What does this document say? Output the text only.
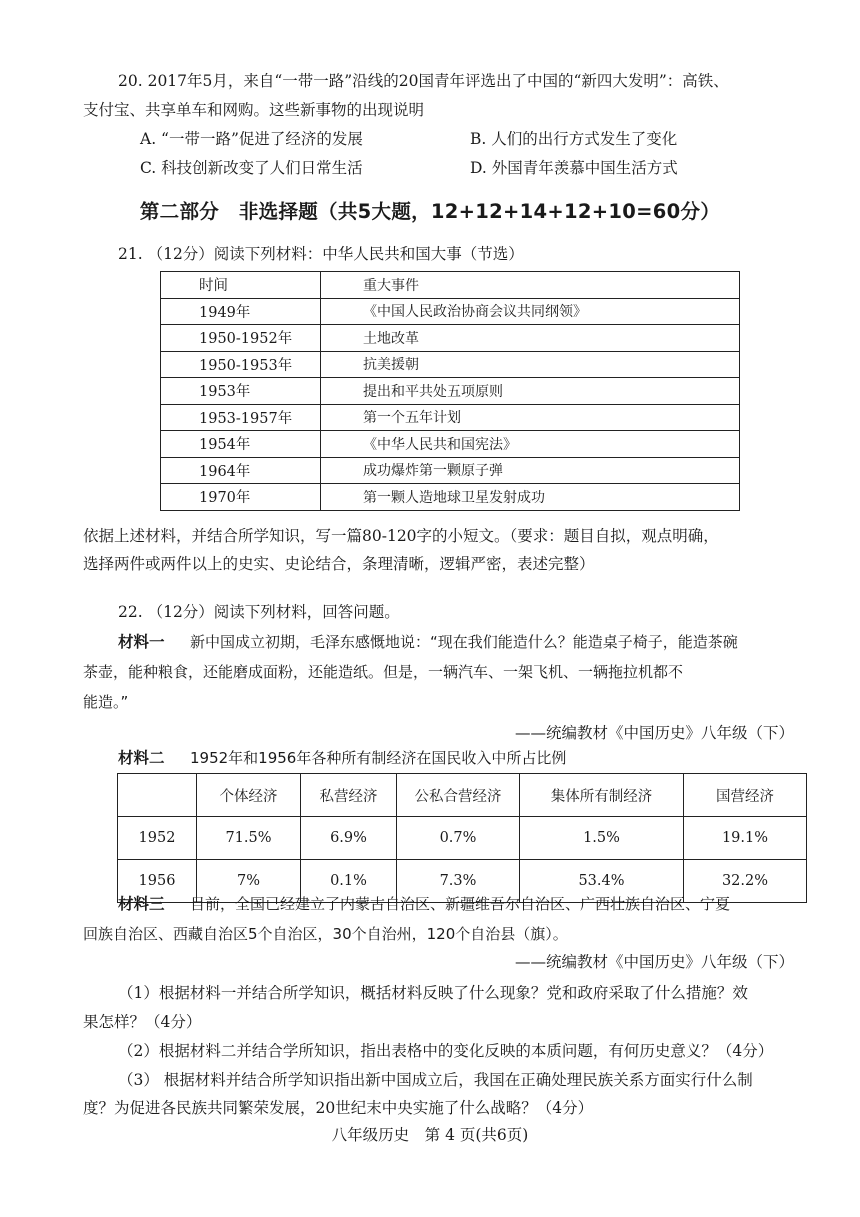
20. 2017年5月，来自“一带一路”沿线的20国青年评选出了中国的“新四大发明”：高铁、
支付宝、共享单车和网购。这些新事物的出现说明
A. “一带一路”促进了经济的发展	B. 人们的出行方式发生了变化
C. 科技创新改变了人们日常生活	D. 外国青年羡慕中国生活方式
第二部分　非选择题（共5大题，12+12+14+12+10=60分）
21. （12分）阅读下列材料：中华人民共和国大事（节选）
时间	重大事件
1949年	《中国人民政治协商会议共同纲领》
1950-1952年	土地改革
1950-1953年	抗美援朝
1953年	提出和平共处五项原则
1953-1957年	第一个五年计划
1954年	《中华人民共和国宪法》
1964年	成功爆炸第一颗原子弹
1970年	第一颗人造地球卫星发射成功
依据上述材料，并结合所学知识，写一篇80-120字的小短文。（要求：题目自拟，观点明确，
选择两件或两件以上的史实、史论结合，条理清晰，逻辑严密，表述完整）
22. （12分）阅读下列材料，回答问题。
材料一 新中国成立初期，毛泽东感慨地说：“现在我们能造什么？能造桌子椅子，能造茶碗
茶壶，能种粮食，还能磨成面粉，还能造纸。但是，一辆汽车、一架飞机、一辆拖拉机都不
能造。”
——统编教材《中国历史》八年级（下）
材料二 1952年和1956年各种所有制经济在国民收入中所占比例
	个体经济	私营经济	公私合营经济	集体所有制经济	国营经济
1952	71.5%	6.9%	0.7%	1.5%	19.1%
1956	7%	0.1%	7.3%	53.4%	32.2%
材料三 目前，全国已经建立了内蒙古自治区、新疆维吾尔自治区、广西壮族自治区、宁夏
回族自治区、西藏自治区5个自治区，30个自治州，120个自治县（旗）。
——统编教材《中国历史》八年级（下）
（1）根据材料一并结合所学知识，概括材料反映了什么现象？党和政府采取了什么措施？效
果怎样？（4分）
（2）根据材料二并结合学所知识，指出表格中的变化反映的本质问题，有何历史意义？（4分）
（3） 根据材料并结合所学知识指出新中国成立后，我国在正确处理民族关系方面实行什么制
度？为促进各民族共同繁荣发展，20世纪末中央实施了什么战略？（4分）
八年级历史　第 4 页(共6页)
